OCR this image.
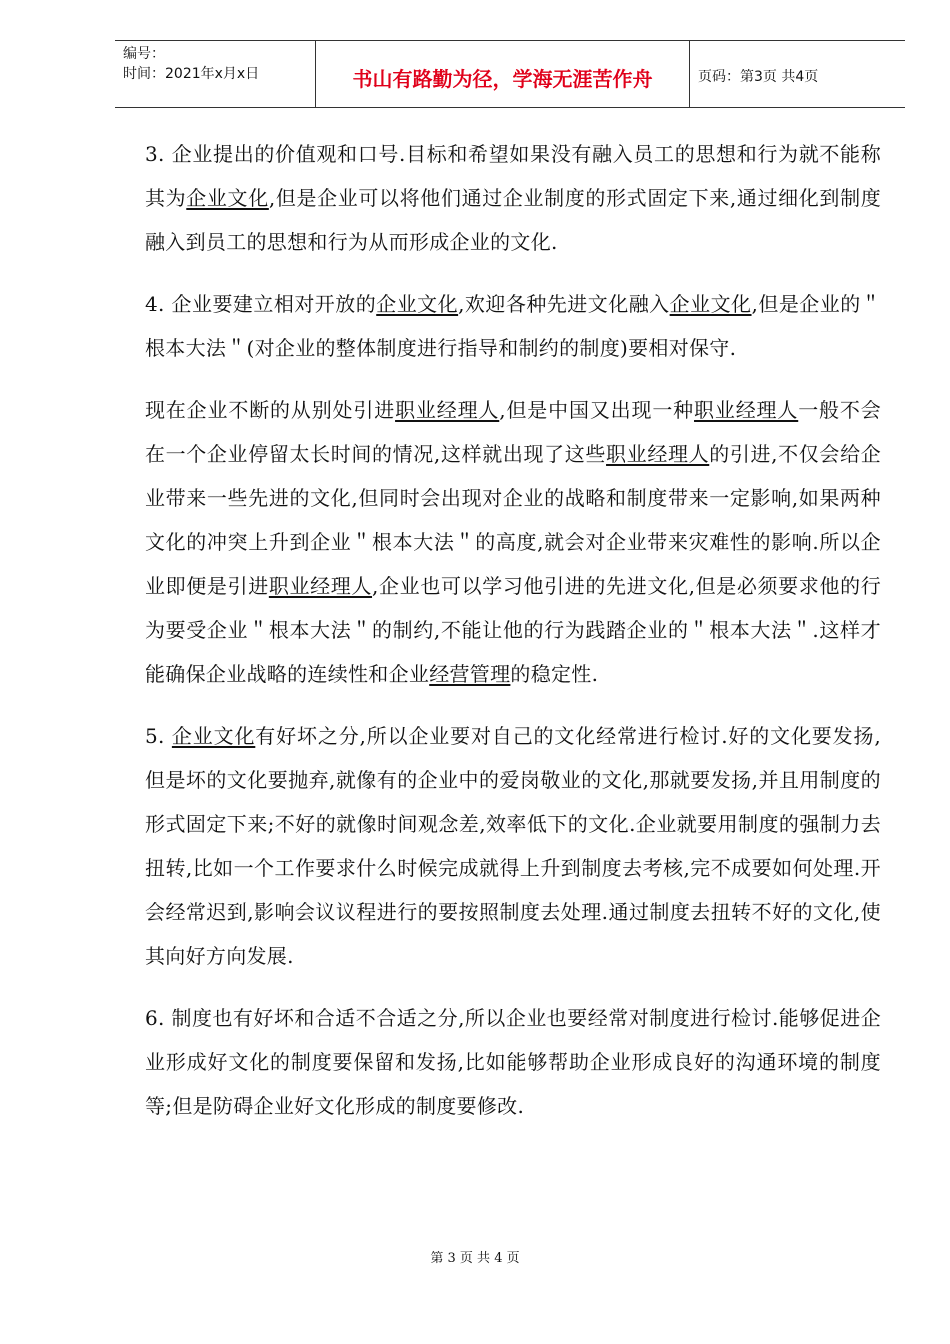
编号：
时间：2021年x月x日	书山有路勤为径，学海无涯苦作舟	页码：第3页 共4页

3. 企业提出的价值观和口号.目标和希望如果没有融入员工的思想和行为就不能称其为企业文化,但是企业可以将他们通过企业制度的形式固定下来,通过细化到制度融入到员工的思想和行为从而形成企业的文化.

4. 企业要建立相对开放的企业文化,欢迎各种先进文化融入企业文化,但是企业的＂根本大法＂(对企业的整体制度进行指导和制约的制度)要相对保守.

现在企业不断的从别处引进职业经理人,但是中国又出现一种职业经理人一般不会在一个企业停留太长时间的情况,这样就出现了这些职业经理人的引进,不仅会给企业带来一些先进的文化,但同时会出现对企业的战略和制度带来一定影响,如果两种文化的冲突上升到企业＂根本大法＂的高度,就会对企业带来灾难性的影响.所以企业即便是引进职业经理人,企业也可以学习他引进的先进文化,但是必须要求他的行为要受企业＂根本大法＂的制约,不能让他的行为践踏企业的＂根本大法＂.这样才能确保企业战略的连续性和企业经营管理的稳定性.

5. 企业文化有好坏之分,所以企业要对自己的文化经常进行检讨.好的文化要发扬,但是坏的文化要抛弃,就像有的企业中的爱岗敬业的文化,那就要发扬,并且用制度的形式固定下来;不好的就像时间观念差,效率低下的文化.企业就要用制度的强制力去扭转,比如一个工作要求什么时候完成就得上升到制度去考核,完不成要如何处理.开会经常迟到,影响会议议程进行的要按照制度去处理.通过制度去扭转不好的文化,使其向好方向发展.

6. 制度也有好坏和合适不合适之分,所以企业也要经常对制度进行检讨.能够促进企业形成好文化的制度要保留和发扬,比如能够帮助企业形成良好的沟通环境的制度等;但是防碍企业好文化形成的制度要修改.

第 3 页 共 4 页
